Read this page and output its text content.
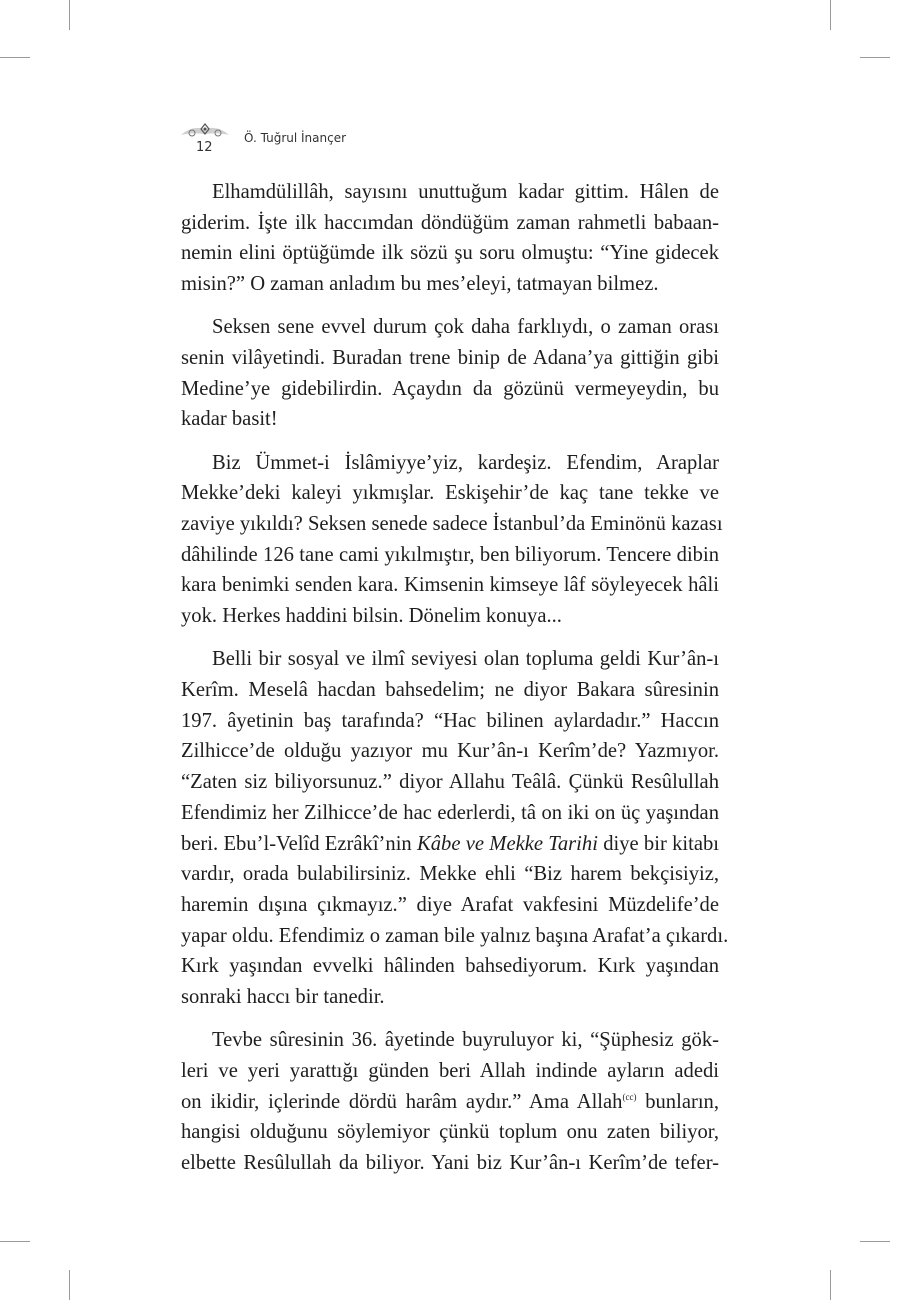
12
Ö. Tuğrul İnançer

Elhamdülillâh, sayısını unuttuğum kadar gittim. Hâlen de
giderim. İşte ilk haccımdan döndüğüm zaman rahmetli babaan-
nemin elini öptüğümde ilk sözü şu soru olmuştu: “Yine gidecek
misin?” O zaman anladım bu mes’eleyi, tatmayan bilmez.

Seksen sene evvel durum çok daha farklıydı, o zaman orası
senin vilâyetindi. Buradan trene binip de Adana’ya gittiğin gibi
Medine’ye gidebilirdin. Açaydın da gözünü vermeyeydin, bu
kadar basit!

Biz Ümmet-i İslâmiyye’yiz, kardeşiz. Efendim, Araplar
Mekke’deki kaleyi yıkmışlar. Eskişehir’de kaç tane tekke ve
zaviye yıkıldı? Seksen senede sadece İstanbul’da Eminönü kazası
dâhilinde 126 tane cami yıkılmıştır, ben biliyorum. Tencere dibin
kara benimki senden kara. Kimsenin kimseye lâf söyleyecek hâli
yok. Herkes haddini bilsin. Dönelim konuya...

Belli bir sosyal ve ilmî seviyesi olan topluma geldi Kur’ân-ı
Kerîm. Meselâ hacdan bahsedelim; ne diyor Bakara sûresinin
197. âyetinin baş tarafında? “Hac bilinen aylardadır.” Haccın
Zilhicce’de olduğu yazıyor mu Kur’ân-ı Kerîm’de? Yazmıyor.
“Zaten siz biliyorsunuz.” diyor Allahu Teâlâ. Çünkü Resûlullah
Efendimiz her Zilhicce’de hac ederlerdi, tâ on iki on üç yaşından
beri. Ebu’l-Velîd Ezrâkî’nin Kâbe ve Mekke Tarihi diye bir kitabı
vardır, orada bulabilirsiniz. Mekke ehli “Biz harem bekçisiyiz,
haremin dışına çıkmayız.” diye Arafat vakfesini Müzdelife’de
yapar oldu. Efendimiz o zaman bile yalnız başına Arafat’a çıkardı.
Kırk yaşından evvelki hâlinden bahsediyorum. Kırk yaşından
sonraki haccı bir tanedir.

Tevbe sûresinin 36. âyetinde buyruluyor ki, “Şüphesiz gök-
leri ve yeri yarattığı günden beri Allah indinde ayların adedi
on ikidir, içlerinde dördü harâm aydır.” Ama Allah$^{(cc)}$ bunların,
hangisi olduğunu söylemiyor çünkü toplum onu zaten biliyor,
elbette Resûlullah da biliyor. Yani biz Kur’ân-ı Kerîm’de tefer-
